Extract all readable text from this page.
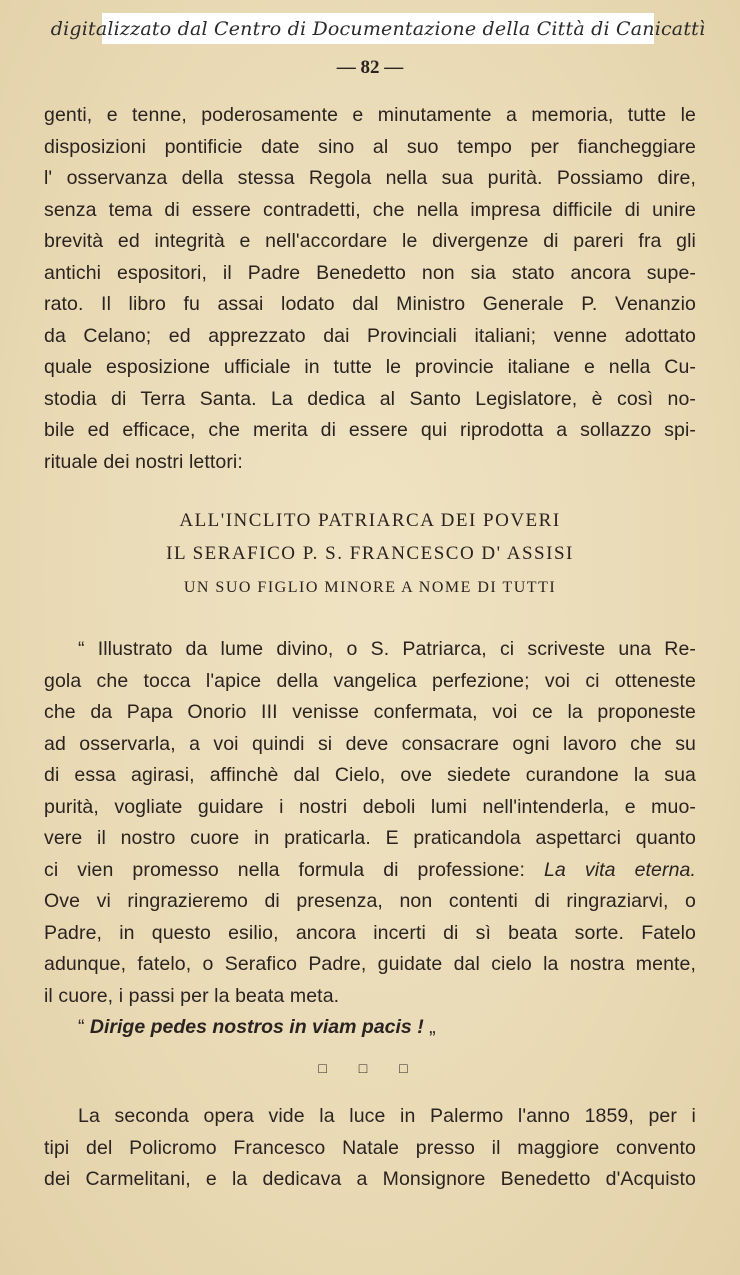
digitalizzato dal Centro di Documentazione della Città di Canicattì
— 82 —
genti, e tenne, poderosamente e minutamente a memoria, tutte le
disposizioni pontificie date sino al suo tempo per fiancheggiare
l' osservanza della stessa Regola nella sua purità. Possiamo dire,
senza tema di essere contradetti, che nella impresa difficile di unire
brevità ed integrità e nell'accordare le divergenze di pareri fra gli
antichi espositori, il Padre Benedetto non sia stato ancora supe-
rato. Il libro fu assai lodato dal Ministro Generale P. Venanzio
da Celano; ed apprezzato dai Provinciali italiani; venne adottato
quale esposizione ufficiale in tutte le provincie italiane e nella Cu-
stodia di Terra Santa. La dedica al Santo Legislatore, è così no-
bile ed efficace, che merita di essere qui riprodotta a sollazzo spi-
rituale dei nostri lettori:
ALL'INCLITO PATRIARCA DEI POVERI
IL SERAFICO P. S. FRANCESCO D' ASSISI
UN SUO FIGLIO MINORE A NOME DI TUTTI
“ Illustrato da lume divino, o S. Patriarca, ci scriveste una Re-
gola che tocca l'apice della vangelica perfezione; voi ci otteneste
che da Papa Onorio III venisse confermata, voi ce la proponeste
ad osservarla, a voi quindi si deve consacrare ogni lavoro che su
di essa agirasi, affinchè dal Cielo, ove siedete curandone la sua
purità, vogliate guidare i nostri deboli lumi nell'intenderla, e muo-
vere il nostro cuore in praticarla. E praticandola aspettarci quanto
ci vien promesso nella formula di professione: La vita eterna.
Ove vi ringrazieremo di presenza, non contenti di ringraziarvi, o
Padre, in questo esilio, ancora incerti di sì beata sorte. Fatelo
adunque, fatelo, o Serafico Padre, guidate dal cielo la nostra mente,
il cuore, i passi per la beata meta.
“ Dirige pedes nostros in viam pacis ! „
□ □ □
La seconda opera vide la luce in Palermo l'anno 1859, per i
tipi del Policromo Francesco Natale presso il maggiore convento
dei Carmelitani, e la dedicava a Monsignore Benedetto d'Acquisto
